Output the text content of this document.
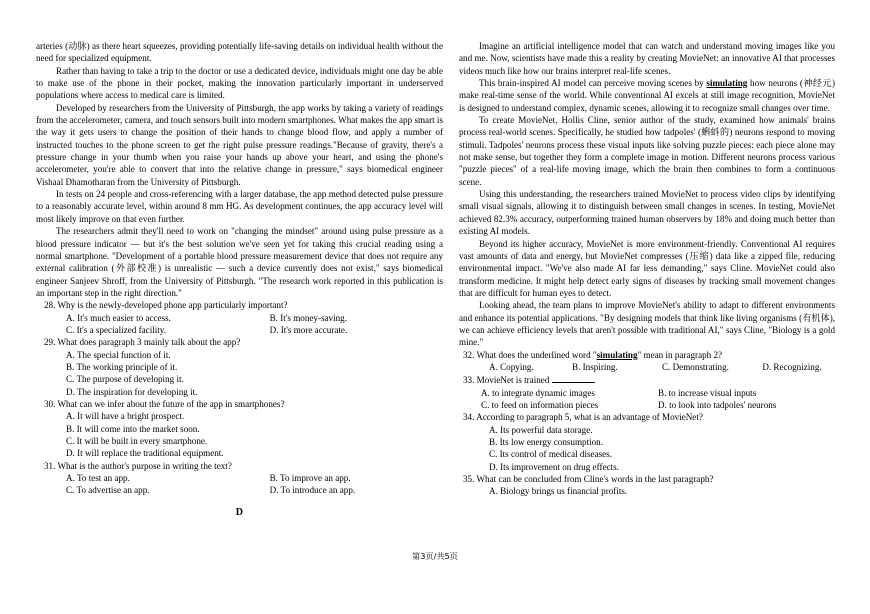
arteries (动脉) as there heart squeezes, providing potentially life-saving details on individual health without the need for specialized equipment.

Rather than having to take a trip to the doctor or use a dedicated device, individuals might one day be able to make use of the phone in their pocket, making the innovation particularly important in underserved populations where access to medical care is limited.

Developed by researchers from the University of Pittsburgh, the app works by taking a variety of readings from the accelerometer, camera, and touch sensors built into modern smartphones. What makes the app smart is the way it gets users to change the position of their hands to change blood flow, and apply a number of instructed touches to the phone screen to get the right pulse pressure readings."Because of gravity, there's a pressure change in your thumb when you raise your hands up above your heart, and using the phone's accelerometer, you're able to convert that into the relative change in pressure," says biomedical engineer Vishaal Dhamotharan from the University of Pittsburgh.

In tests on 24 people and cross-referencing with a larger database, the app method detected pulse pressure to a reasonably accurate level, within around 8 mm HG. As development continues, the app accuracy level will most likely improve on that even further.

The researchers admit they'll need to work on "changing the mindset" around using pulse pressure as a blood pressure indicator — but it's the best solution we've seen yet for taking this crucial reading using a normal smartphone. "Development of a portable blood pressure measurement device that does not require any external calibration (外部校准) is unrealistic — such a device currently does not exist," says biomedical engineer Sanjeev Shroff, from the University of Pittsburgh. "The research work reported in this publication is an important step in the right direction."

28. Why is the newly-developed phone app particularly important?

A. It's much easier to access.
C. It's a specialized facility.
B. It's money-saving.
D. It's more accurate.

29. What does paragraph 3 mainly talk about the app?

A. The special function of it.
B. The working principle of it.
C. The purpose of developing it.
D. The inspiration for developing it.

30. What can we infer about the future of the app in smartphones?

A. It will have a bright prospect.
B. It will come into the market soon.
C. It will be built in every smartphone.
D. It will replace the traditional equipment.

31. What is the author's purpose in writing the text?

A. To test an app.
C. To advertise an app.
B. To improve an app.
D. To introduce an app.
D

Imagine an artificial intelligence model that can watch and understand moving images like you and me. Now, scientists have made this a reality by creating MovieNet: an innovative AI that processes videos much like how our brains interpret real-life scenes.

This brain-inspired AI model can perceive moving scenes by simulating how neurons (神经元) make real-time sense of the world. While conventional AI excels at still image recognition, MovieNet is designed to understand complex, dynamic scenes, allowing it to recognize small changes over time.

To create MovieNet, Hollis Cline, senior author of the study, examined how animals' brains process real-world scenes. Specifically, he studied how tadpoles' (蝌蚪的) neurons respond to moving stimuli. Tadpoles' neurons process these visual inputs like solving puzzle pieces: each piece alone may not make sense, but together they form a complete image in motion. Different neurons process various "puzzle pieces" of a real-life moving image, which the brain then combines to form a continuous scene.

Using this understanding, the researchers trained MovieNet to process video clips by identifying small visual signals, allowing it to distinguish between small changes in scenes. In testing, MovieNet achieved 82.3% accuracy, outperforming trained human observers by 18% and doing much better than existing AI models.

Beyond its higher accuracy, MovieNet is more environment-friendly. Conventional AI requires vast amounts of data and energy, but MovieNet compresses (压缩) data like a zipped file, reducing environmental impact. "We've also made AI far less demanding," says Cline. MovieNet could also transform medicine. It might help detect early signs of diseases by tracking small movement changes that are difficult for human eyes to detect.

Looking ahead, the team plans to improve MovieNet's ability to adapt to different environments and enhance its potential applications. "By designing models that think like living organisms (有机体), we can achieve efficiency levels that aren't possible with traditional AI," says Cline, "Biology is a gold mine."

32. What does the underlined word "simulating" mean in paragraph 2?

A. Copying.	B. Inspiring.	C. Demonstrating.	D. Recognizing.

33. MovieNet is trained	.

A. to integrate dynamic images
C. to feed on information pieces
B. to increase visual inputs
D. to look into tadpoles' neurons

34. According to paragraph 5, what is an advantage of MovieNet?

A. Its powerful data storage.
B. Its low energy consumption.
C. Its control of medical diseases.
D. Its improvement on drug effects.

35. What can be concluded from Cline's words in the last paragraph?

A. Biology brings us financial profits.
第3页/共5页
